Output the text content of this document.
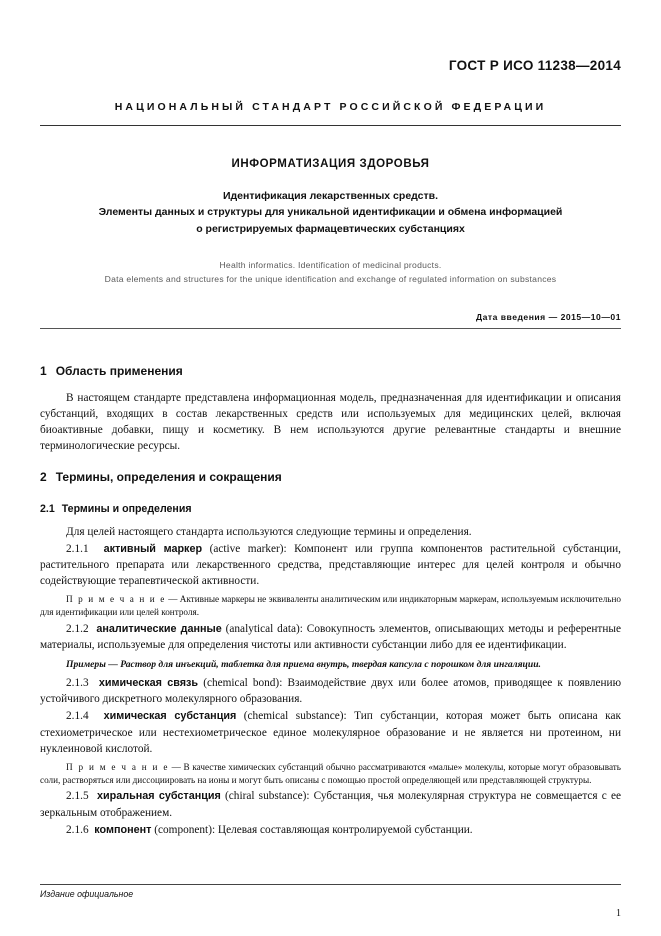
ГОСТ Р ИСО 11238—2014
НАЦИОНАЛЬНЫЙ СТАНДАРТ РОССИЙСКОЙ ФЕДЕРАЦИИ
ИНФОРМАТИЗАЦИЯ ЗДОРОВЬЯ
Идентификация лекарственных средств.
Элементы данных и структуры для уникальной идентификации и обмена информацией
о регистрируемых фармацевтических субстанциях
Health informatics. Identification of medicinal products.
Data elements and structures for the unique identification and exchange of regulated information on substances
Дата введения — 2015—10—01
1 Область применения

В настоящем стандарте представлена информационная модель, предназначенная для идентификации и описания субстанций, входящих в состав лекарственных средств или используемых для медицинских целей, включая биоактивные добавки, пищу и косметику. В нем используются другие релевантные стандарты и внешние терминологические ресурсы.

2 Термины, определения и сокращения
2.1 Термины и определения

Для целей настоящего стандарта используются следующие термины и определения.

2.1.1 активный маркер (active marker): Компонент или группа компонентов растительной субстанции, растительного препарата или лекарственного средства, представляющие интерес для целей контроля и обычно содействующие терапевтической активности.

П р и м е ч а н и е — Активные маркеры не эквиваленты аналитическим или индикаторным маркерам, используемым исключительно для идентификации или целей контроля.

2.1.2 аналитические данные (analytical data): Совокупность элементов, описывающих методы и референтные материалы, используемые для определения чистоты или активности субстанции либо для ее идентификации.

Примеры — Раствор для инъекций, таблетка для приема внутрь, твердая капсула с порошком для ингаляции.

2.1.3 химическая связь (chemical bond): Взаимодействие двух или более атомов, приводящее к появлению устойчивого дискретного молекулярного образования.

2.1.4 химическая субстанция (chemical substance): Тип субстанции, которая может быть описана как стехиометрическое или нестехиометрическое единое молекулярное образование и не является ни протеином, ни нуклеиновой кислотой.

П р и м е ч а н и е — В качестве химических субстанций обычно рассматриваются «малые» молекулы, которые могут образовывать соли, растворяться или диссоциировать на ионы и могут быть описаны с помощью простой определяющей или представляющей структуры.

2.1.5 хиральная субстанция (chiral substance): Субстанция, чья молекулярная структура не совмещается с ее зеркальным отображением.

2.1.6 компонент (component): Целевая составляющая контролируемой субстанции.

Издание официальное
1
